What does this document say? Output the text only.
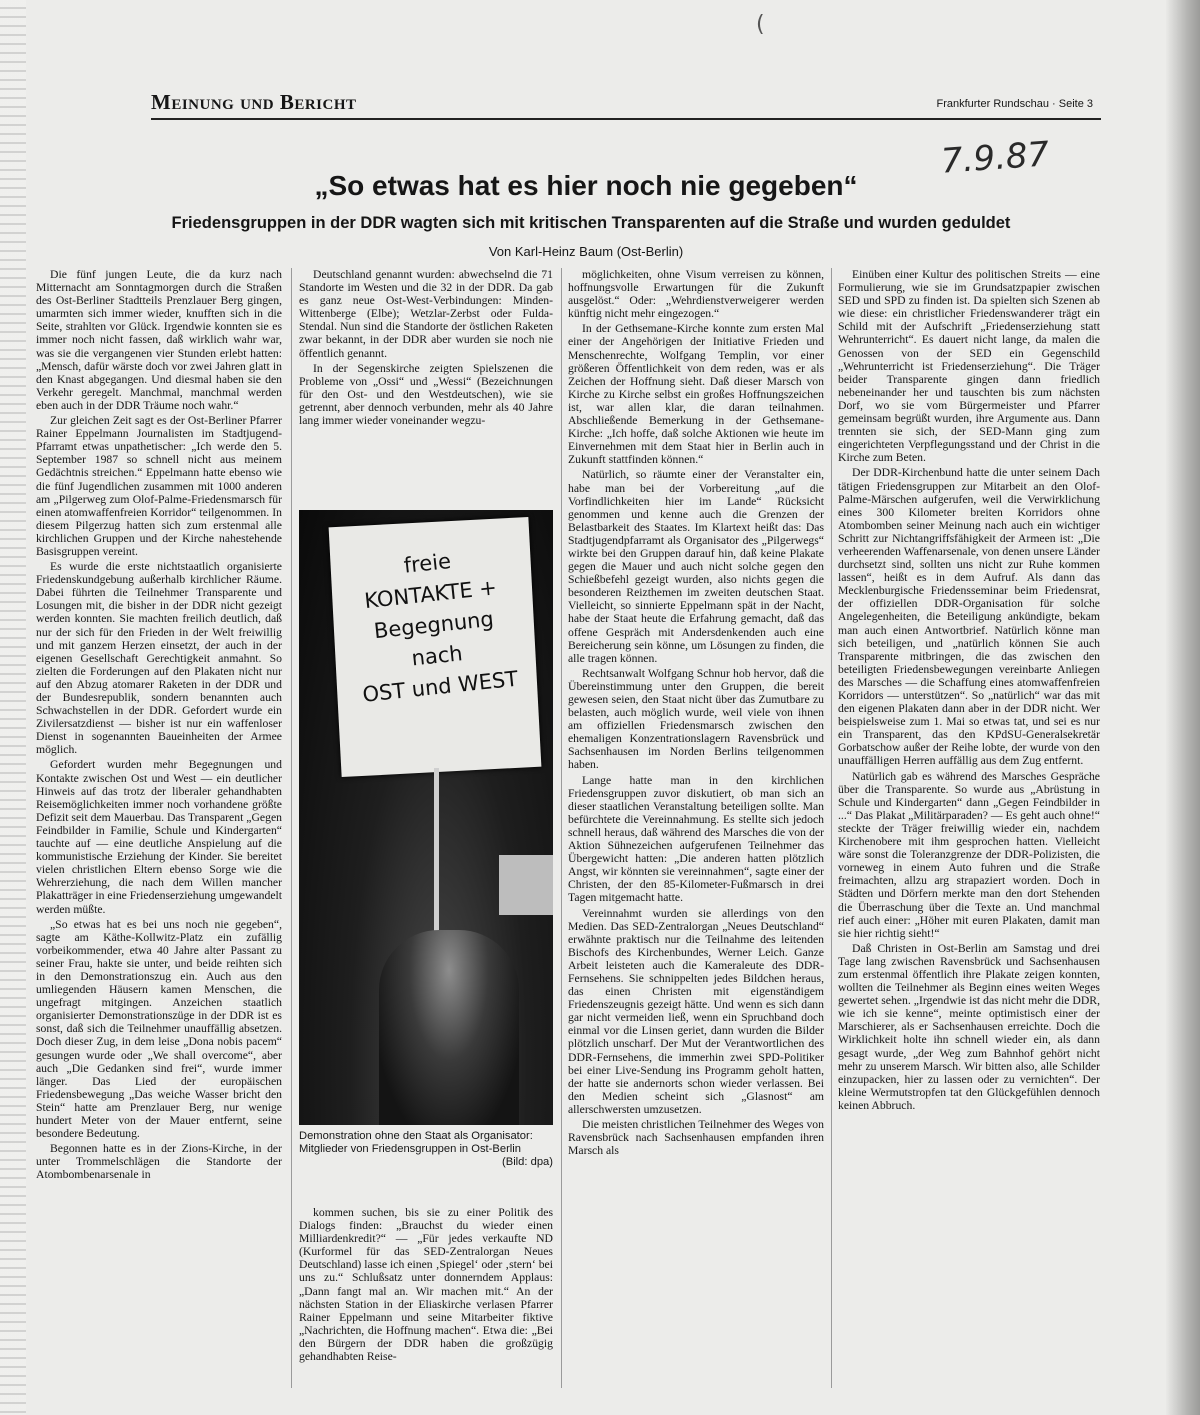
(
Meinung und Bericht	Frankfurter Rundschau · Seite 3
7.9.87
„So etwas hat es hier noch nie gegeben“
Friedensgruppen in der DDR wagten sich mit kritischen Transparenten auf die Straße und wurden geduldet
Von Karl-Heinz Baum (Ost-Berlin)

Die fünf jungen Leute, die da kurz nach Mitternacht am Sonntagmorgen durch die Straßen des Ost-Berliner Stadtteils Prenzlauer Berg gingen, umarmten sich immer wieder, knufften sich in die Seite, strahlten vor Glück. Irgendwie konnten sie es immer noch nicht fassen, daß wirklich wahr war, was sie die vergangenen vier Stunden erlebt hatten: „Mensch, dafür wärste doch vor zwei Jahren glatt in den Knast abgegangen. Und diesmal haben sie den Verkehr geregelt. Manchmal, manchmal werden eben auch in der DDR Träume noch wahr.“

Zur gleichen Zeit sagt es der Ost-Berliner Pfarrer Rainer Eppelmann Journalisten im Stadtjugend-Pfarramt etwas unpathetischer: „Ich werde den 5. September 1987 so schnell nicht aus meinem Gedächtnis streichen.“ Eppelmann hatte ebenso wie die fünf Jugendlichen zusammen mit 1000 anderen am „Pilgerweg zum Olof-Palme-Friedensmarsch für einen atomwaffenfreien Korridor“ teilgenommen. In diesem Pilgerzug hatten sich zum erstenmal alle kirchlichen Gruppen und der Kirche nahestehende Basisgruppen vereint.

Es wurde die erste nichtstaatlich organisierte Friedenskundgebung außerhalb kirchlicher Räume. Dabei führten die Teilnehmer Transparente und Losungen mit, die bisher in der DDR nicht gezeigt werden konnten. Sie machten freilich deutlich, daß nur der sich für den Frieden in der Welt freiwillig und mit ganzem Herzen einsetzt, der auch in der eigenen Gesellschaft Gerechtigkeit anmahnt. So zielten die Forderungen auf den Plakaten nicht nur auf den Abzug atomarer Raketen in der DDR und der Bundesrepublik, sondern benannten auch Schwachstellen in der DDR. Gefordert wurde ein Zivilersatzdienst — bisher ist nur ein waffenloser Dienst in sogenannten Baueinheiten der Armee möglich.

Gefordert wurden mehr Begegnungen und Kontakte zwischen Ost und West — ein deutlicher Hinweis auf das trotz der liberaler gehandhabten Reisemöglichkeiten immer noch vorhandene größte Defizit seit dem Mauerbau. Das Transparent „Gegen Feindbilder in Familie, Schule und Kindergarten“ tauchte auf — eine deutliche Anspielung auf die kommunistische Erziehung der Kinder. Sie bereitet vielen christlichen Eltern ebenso Sorge wie die Wehrerziehung, die nach dem Willen mancher Plakatträger in eine Friedenserziehung umgewandelt werden müßte.

„So etwas hat es bei uns noch nie gegeben“, sagte am Käthe-Kollwitz-Platz ein zufällig vorbeikommender, etwa 40 Jahre alter Passant zu seiner Frau, hakte sie unter, und beide reihten sich in den Demonstrationszug ein. Auch aus den umliegenden Häusern kamen Menschen, die ungefragt mitgingen. Anzeichen staatlich organisierter Demonstrationszüge in der DDR ist es sonst, daß sich die Teilnehmer unauffällig absetzen. Doch dieser Zug, in dem leise „Dona nobis pacem“ gesungen wurde oder „We shall overcome“, aber auch „Die Gedanken sind frei“, wurde immer länger. Das Lied der europäischen Friedensbewegung „Das weiche Wasser bricht den Stein“ hatte am Prenzlauer Berg, nur wenige hundert Meter von der Mauer entfernt, seine besondere Bedeutung.

Begonnen hatte es in der Zions-Kirche, in der unter Trommelschlägen die Standorte der Atombombenarsenale in

Deutschland genannt wurden: abwechselnd die 71 Standorte im Westen und die 32 in der DDR. Da gab es ganz neue Ost-West-Verbindungen: Minden-Wittenberge (Elbe); Wetzlar-Zerbst oder Fulda-Stendal. Nun sind die Standorte der östlichen Raketen zwar bekannt, in der DDR aber wurden sie noch nie öffentlich genannt.

In der Segenskirche zeigten Spielszenen die Probleme von „Ossi“ und „Wessi“ (Bezeichnungen für den Ost- und den Westdeutschen), wie sie getrennt, aber dennoch verbunden, mehr als 40 Jahre lang immer wieder voneinander wegzu-

freie
KONTAKTE +
Begegnung
nach
OST und WEST
Demonstration ohne den Staat als Organisator: Mitglieder von Friedensgruppen in Ost-Berlin
(Bild: dpa)

kommen suchen, bis sie zu einer Politik des Dialogs finden: „Brauchst du wieder einen Milliardenkredit?“ — „Für jedes verkaufte ND (Kurformel für das SED-Zentralorgan Neues Deutschland) lasse ich einen ‚Spiegel‘ oder ‚stern‘ bei uns zu.“ Schlußsatz unter donnerndem Applaus: „Dann fangt mal an. Wir machen mit.“ An der nächsten Station in der Eliaskirche verlasen Pfarrer Rainer Eppelmann und seine Mitarbeiter fiktive „Nachrichten, die Hoffnung machen“. Etwa die: „Bei den Bürgern der DDR haben die großzügig gehandhabten Reise-

möglichkeiten, ohne Visum verreisen zu können, hoffnungsvolle Erwartungen für die Zukunft ausgelöst.“ Oder: „Wehrdienstverweigerer werden künftig nicht mehr eingezogen.“

In der Gethsemane-Kirche konnte zum ersten Mal einer der Angehörigen der Initiative Frieden und Menschenrechte, Wolfgang Templin, vor einer größeren Öffentlichkeit von dem reden, was er als Zeichen der Hoffnung sieht. Daß dieser Marsch von Kirche zu Kirche selbst ein großes Hoffnungszeichen ist, war allen klar, die daran teilnahmen. Abschließende Bemerkung in der Gethsemane-Kirche: „Ich hoffe, daß solche Aktionen wie heute im Einvernehmen mit dem Staat hier in Berlin auch in Zukunft stattfinden können.“

Natürlich, so räumte einer der Veranstalter ein, habe man bei der Vorbereitung „auf die Vorfindlichkeiten hier im Lande“ Rücksicht genommen und kenne auch die Grenzen der Belastbarkeit des Staates. Im Klartext heißt das: Das Stadtjugendpfarramt als Organisator des „Pilgerwegs“ wirkte bei den Gruppen darauf hin, daß keine Plakate gegen die Mauer und auch nicht solche gegen den Schießbefehl gezeigt wurden, also nichts gegen die besonderen Reizthemen im zweiten deutschen Staat. Vielleicht, so sinnierte Eppelmann spät in der Nacht, habe der Staat heute die Erfahrung gemacht, daß das offene Gespräch mit Andersdenkenden auch eine Bereicherung sein könne, um Lösungen zu finden, die alle tragen können.

Rechtsanwalt Wolfgang Schnur hob hervor, daß die Übereinstimmung unter den Gruppen, die bereit gewesen seien, den Staat nicht über das Zumutbare zu belasten, auch möglich wurde, weil viele von ihnen am offiziellen Friedensmarsch zwischen den ehemaligen Konzentrationslagern Ravensbrück und Sachsenhausen im Norden Berlins teilgenommen haben.

Lange hatte man in den kirchlichen Friedensgruppen zuvor diskutiert, ob man sich an dieser staatlichen Veranstaltung beteiligen sollte. Man befürchtete die Vereinnahmung. Es stellte sich jedoch schnell heraus, daß während des Marsches die von der Aktion Sühnezeichen aufgerufenen Teilnehmer das Übergewicht hatten: „Die anderen hatten plötzlich Angst, wir könnten sie vereinnahmen“, sagte einer der Christen, der den 85-Kilometer-Fußmarsch in drei Tagen mitgemacht hatte.

Vereinnahmt wurden sie allerdings von den Medien. Das SED-Zentralorgan „Neues Deutschland“ erwähnte praktisch nur die Teilnahme des leitenden Bischofs des Kirchenbundes, Werner Leich. Ganze Arbeit leisteten auch die Kameraleute des DDR-Fernsehens. Sie schnippelten jedes Bildchen heraus, das einen Christen mit eigenständigem Friedenszeugnis gezeigt hätte. Und wenn es sich dann gar nicht vermeiden ließ, wenn ein Spruchband doch einmal vor die Linsen geriet, dann wurden die Bilder plötzlich unscharf. Der Mut der Verantwortlichen des DDR-Fernsehens, die immerhin zwei SPD-Politiker bei einer Live-Sendung ins Programm geholt hatten, der hatte sie andernorts schon wieder verlassen. Bei den Medien scheint sich „Glasnost“ am allerschwersten umzusetzen.

Die meisten christlichen Teilnehmer des Weges von Ravensbrück nach Sachsenhausen empfanden ihren Marsch als

Einüben einer Kultur des politischen Streits — eine Formulierung, wie sie im Grundsatzpapier zwischen SED und SPD zu finden ist. Da spielten sich Szenen ab wie diese: ein christlicher Friedenswanderer trägt ein Schild mit der Aufschrift „Friedenserziehung statt Wehrunterricht“. Es dauert nicht lange, da malen die Genossen von der SED ein Gegenschild „Wehrunterricht ist Friedenserziehung“. Die Träger beider Transparente gingen dann friedlich nebeneinander her und tauschten bis zum nächsten Dorf, wo sie vom Bürgermeister und Pfarrer gemeinsam begrüßt wurden, ihre Argumente aus. Dann trennten sie sich, der SED-Mann ging zum eingerichteten Verpflegungsstand und der Christ in die Kirche zum Beten.

Der DDR-Kirchenbund hatte die unter seinem Dach tätigen Friedensgruppen zur Mitarbeit an den Olof-Palme-Märschen aufgerufen, weil die Verwirklichung eines 300 Kilometer breiten Korridors ohne Atombomben seiner Meinung nach auch ein wichtiger Schritt zur Nichtangriffsfähigkeit der Armeen ist: „Die verheerenden Waffenarsenale, von denen unsere Länder durchsetzt sind, sollten uns nicht zur Ruhe kommen lassen“, heißt es in dem Aufruf. Als dann das Mecklenburgische Friedensseminar beim Friedensrat, der offiziellen DDR-Organisation für solche Angelegenheiten, die Beteiligung ankündigte, bekam man auch einen Antwortbrief. Natürlich könne man sich beteiligen, und „natürlich können Sie auch Transparente mitbringen, die das zwischen den beteiligten Friedensbewegungen vereinbarte Anliegen des Marsches — die Schaffung eines atomwaffenfreien Korridors — unterstützen“. So „natürlich“ war das mit den eigenen Plakaten dann aber in der DDR nicht. Wer beispielsweise zum 1. Mai so etwas tat, und sei es nur ein Transparent, das den KPdSU-Generalsekretär Gorbatschow außer der Reihe lobte, der wurde von den unauffälligen Herren auffällig aus dem Zug entfernt.

Natürlich gab es während des Marsches Gespräche über die Transparente. So wurde aus „Abrüstung in Schule und Kindergarten“ dann „Gegen Feindbilder in ...“ Das Plakat „Militärparaden? — Es geht auch ohne!“ steckte der Träger freiwillig wieder ein, nachdem Kirchenobere mit ihm gesprochen hatten. Vielleicht wäre sonst die Toleranzgrenze der DDR-Polizisten, die vorneweg in einem Auto fuhren und die Straße freimachten, allzu arg strapaziert worden. Doch in Städten und Dörfern merkte man den dort Stehenden die Überraschung über die Texte an. Und manchmal rief auch einer: „Höher mit euren Plakaten, damit man sie hier richtig sieht!“

Daß Christen in Ost-Berlin am Samstag und drei Tage lang zwischen Ravensbrück und Sachsenhausen zum erstenmal öffentlich ihre Plakate zeigen konnten, wollten die Teilnehmer als Beginn eines weiten Weges gewertet sehen. „Irgendwie ist das nicht mehr die DDR, wie ich sie kenne“, meinte optimistisch einer der Marschierer, als er Sachsenhausen erreichte. Doch die Wirklichkeit holte ihn schnell wieder ein, als dann gesagt wurde, „der Weg zum Bahnhof gehört nicht mehr zu unserem Marsch. Wir bitten also, alle Schilder einzupacken, hier zu lassen oder zu vernichten“. Der kleine Wermutstropfen tat den Glückgefühlen dennoch keinen Abbruch.
